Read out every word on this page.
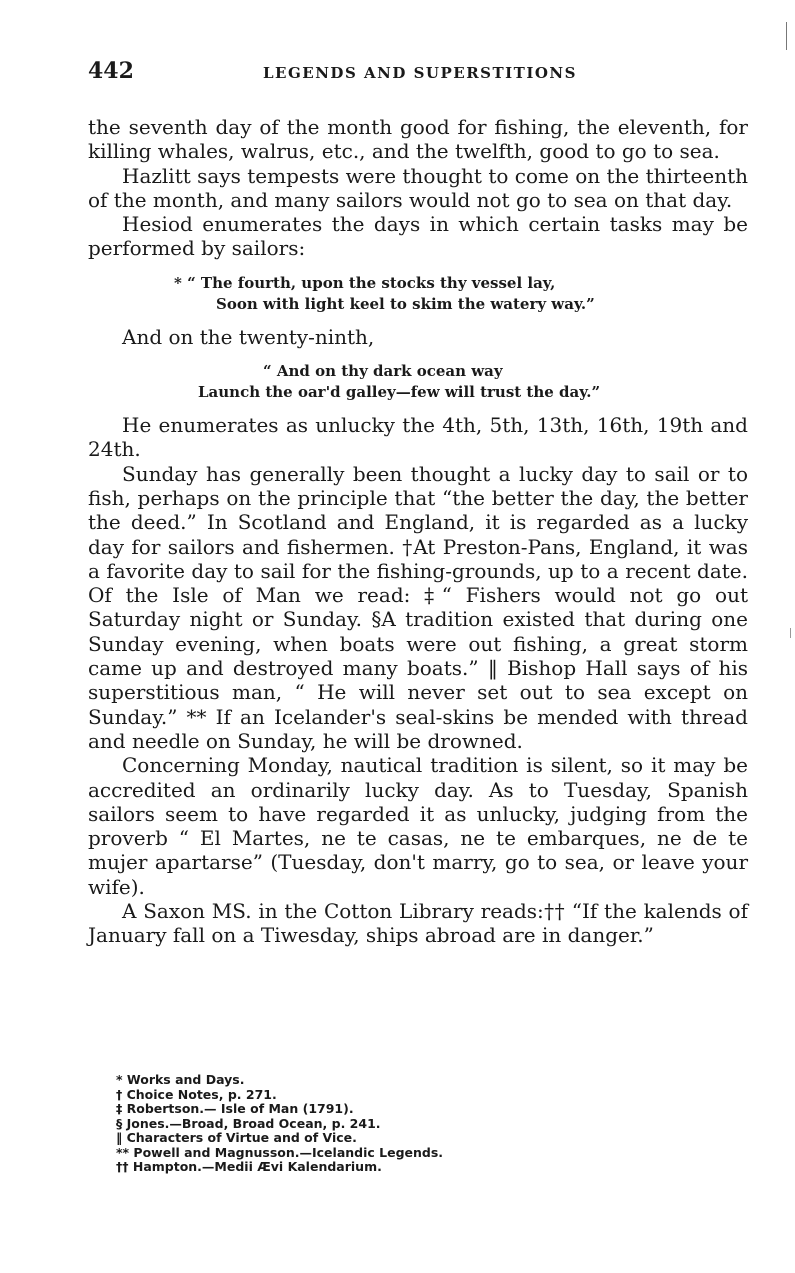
442	LEGENDS AND SUPERSTITIONS

the seventh day of the month good for fishing, the eleventh, for killing whales, walrus, etc., and the twelfth, good to go to sea.

Hazlitt says tempests were thought to come on the thirteenth of the month, and many sailors would not go to sea on that day.

Hesiod enumerates the days in which certain tasks may be performed by sailors:

* “ The fourth, upon the stocks thy vessel lay,
Soon with light keel to skim the watery way.”

And on the twenty-ninth,

“ And on thy dark ocean way
Launch the oar'd galley—few will trust the day.”

He enumerates as unlucky the 4th, 5th, 13th, 16th, 19th and 24th.

Sunday has generally been thought a lucky day to sail or to fish, perhaps on the principle that “the better the day, the better the deed.” In Scotland and England, it is regarded as a lucky day for sailors and fishermen. †At Preston-Pans, England, it was a favorite day to sail for the fishing-grounds, up to a recent date. Of the Isle of Man we read: ‡“ Fishers would not go out Saturday night or Sunday. §A tradition existed that during one Sunday evening, when boats were out fishing, a great storm came up and destroyed many boats.” ‖ Bishop Hall says of his superstitious man, “ He will never set out to sea except on Sunday.” ** If an Icelander's seal-skins be mended with thread and needle on Sunday, he will be drowned.

Concerning Monday, nautical tradition is silent, so it may be accredited an ordinarily lucky day. As to Tuesday, Spanish sailors seem to have regarded it as unlucky, judging from the proverb “ El Martes, ne te casas, ne te embarques, ne de te mujer apartarse” (Tuesday, don't marry, go to sea, or leave your wife).

A Saxon MS. in the Cotton Library reads:†† “If the kalends of January fall on a Tiwesday, ships abroad are in danger.”

* Works and Days.
† Choice Notes, p. 271.
‡ Robertson.— Isle of Man (1791).
§ Jones.—Broad, Broad Ocean, p. 241.
‖ Characters of Virtue and of Vice.
** Powell and Magnusson.—Icelandic Legends.
†† Hampton.—Medii Ævi Kalendarium.
